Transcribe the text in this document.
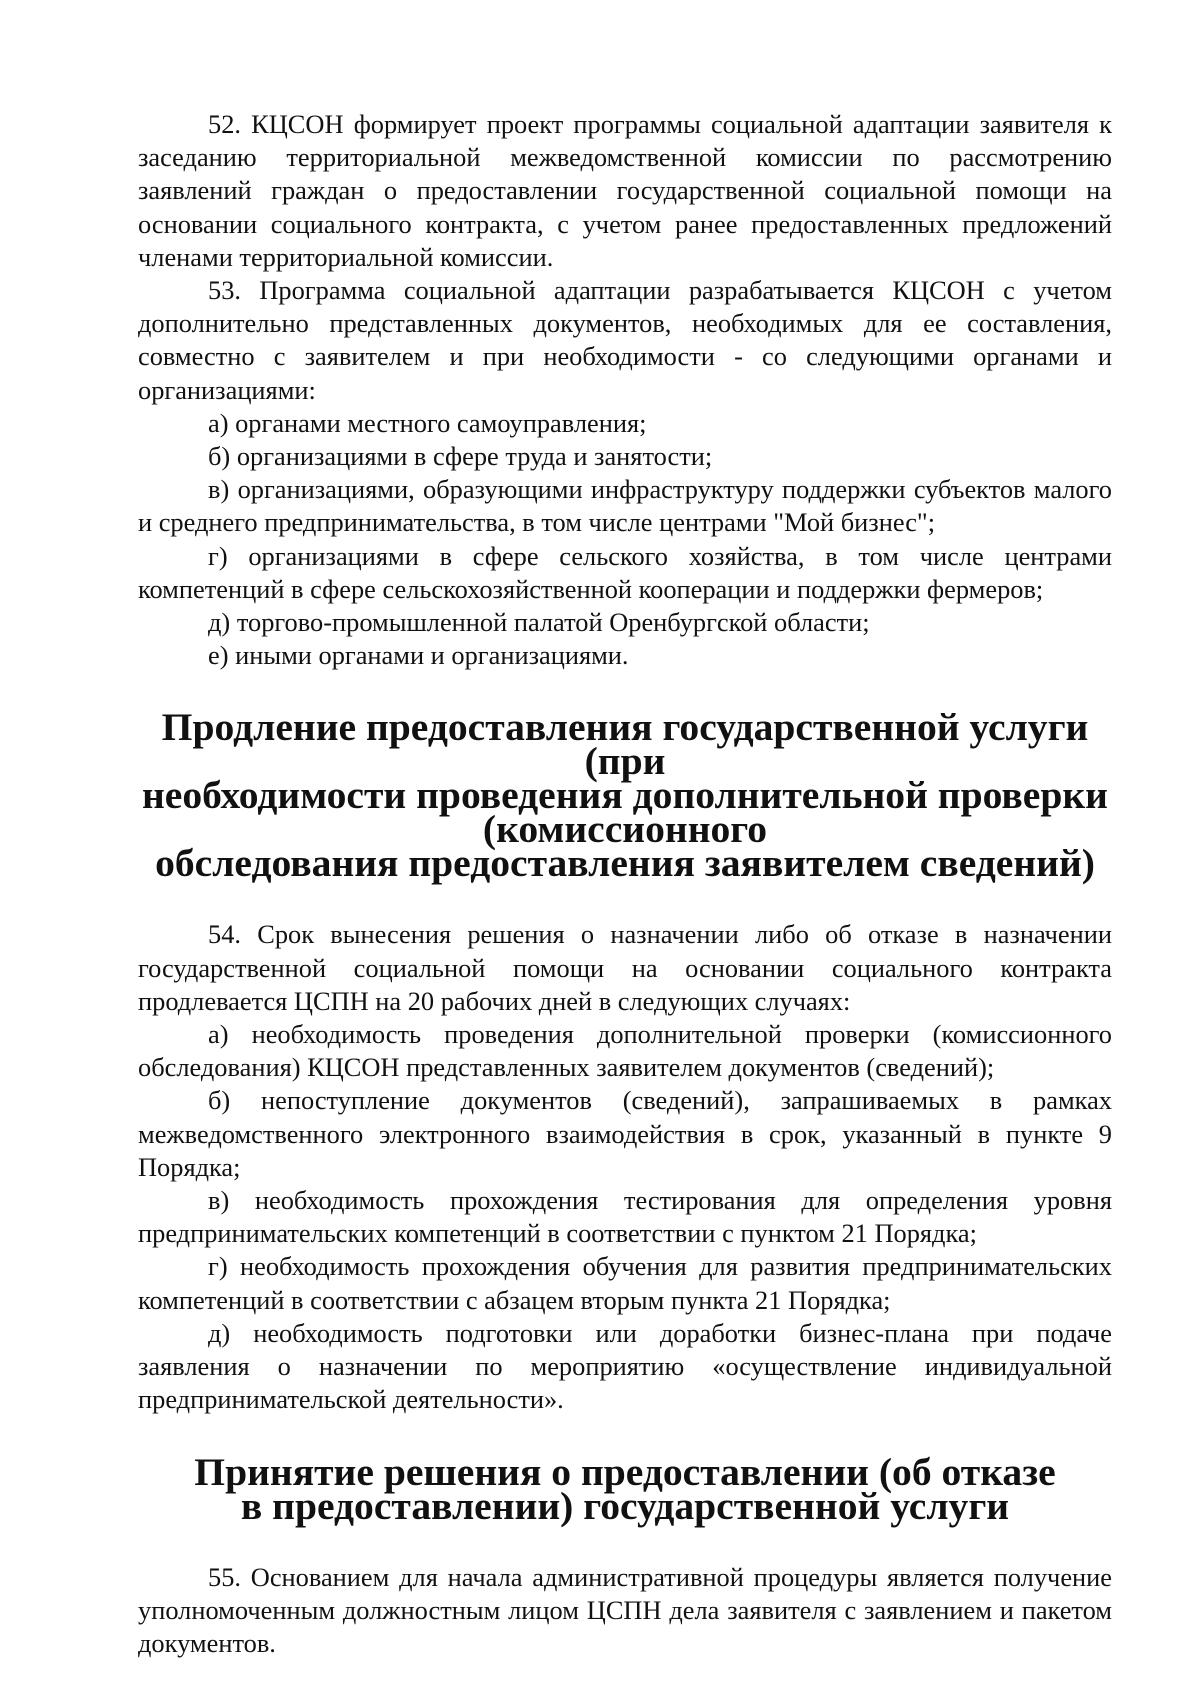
52. КЦСОН формирует проект программы социальной адаптации заявителя к заседанию территориальной межведомственной комиссии по рассмотрению заявлений граждан о предоставлении государственной социальной помощи на основании социального контракта, с учетом ранее предоставленных предложений членами территориальной комиссии.

53. Программа социальной адаптации разрабатывается КЦСОН с учетом дополнительно представленных документов, необходимых для ее составления, совместно с заявителем и при необходимости - со следующими органами и организациями:

а) органами местного самоуправления;

б) организациями в сфере труда и занятости;

в) организациями, образующими инфраструктуру поддержки субъектов малого и среднего предпринимательства, в том числе центрами "Мой бизнес";

г) организациями в сфере сельского хозяйства, в том числе центрами компетенций в сфере сельскохозяйственной кооперации и поддержки фермеров;

д) торгово-промышленной палатой Оренбургской области;

е) иными органами и организациями.

Продление предоставления государственной услуги (при
необходимости проведения дополнительной проверки (комиссионного
обследования предоставления заявителем сведений)

54. Срок вынесения решения о назначении либо об отказе в назначении государственной социальной помощи на основании социального контракта продлевается ЦСПН на 20 рабочих дней в следующих случаях:

а) необходимость проведения дополнительной проверки (комиссионного обследования) КЦСОН представленных заявителем документов (сведений);

б) непоступление документов (сведений), запрашиваемых в рамках межведомственного электронного взаимодействия в срок, указанный в пункте 9 Порядка;

в) необходимость прохождения тестирования для определения уровня предпринимательских компетенций в соответствии с пунктом 21 Порядка;

г) необходимость прохождения обучения для развития предпринимательских компетенций в соответствии с абзацем вторым пункта 21 Порядка;

д) необходимость подготовки или доработки бизнес-плана при подаче заявления о назначении по мероприятию «осуществление индивидуальной предпринимательской деятельности».

Принятие решения о предоставлении (об отказе
в предоставлении) государственной услуги

55. Основанием для начала административной процедуры является получение уполномоченным должностным лицом ЦСПН дела заявителя с заявлением и пакетом документов.
